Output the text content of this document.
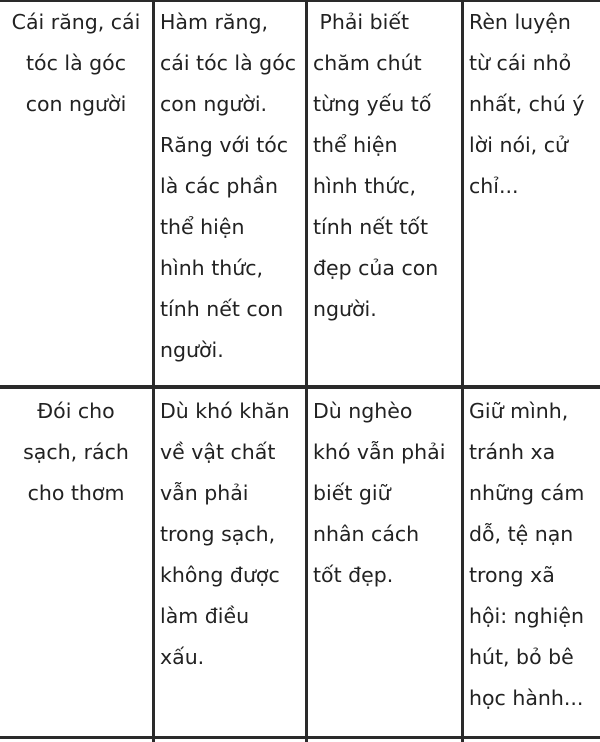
Cái răng, cái
tóc là góc
con người
Hàm răng,
cái tóc là góc
con người.
Răng với tóc
là các phần
thể hiện
hình thức,
tính nết con
người.
Phải biết
chăm chút
từng yếu tố
thể hiện
hình thức,
tính nết tốt
đẹp của con
người.
Rèn luyện
từ cái nhỏ
nhất, chú ý
lời nói, cử
chỉ...
Đói cho
sạch, rách
cho thơm
Dù khó khăn
về vật chất
vẫn phải
trong sạch,
không được
làm điều
xấu.
Dù nghèo
khó vẫn phải
biết giữ
nhân cách
tốt đẹp.
Giữ mình,
tránh xa
những cám
dỗ, tệ nạn
trong xã
hội: nghiện
hút, bỏ bê
học hành...
